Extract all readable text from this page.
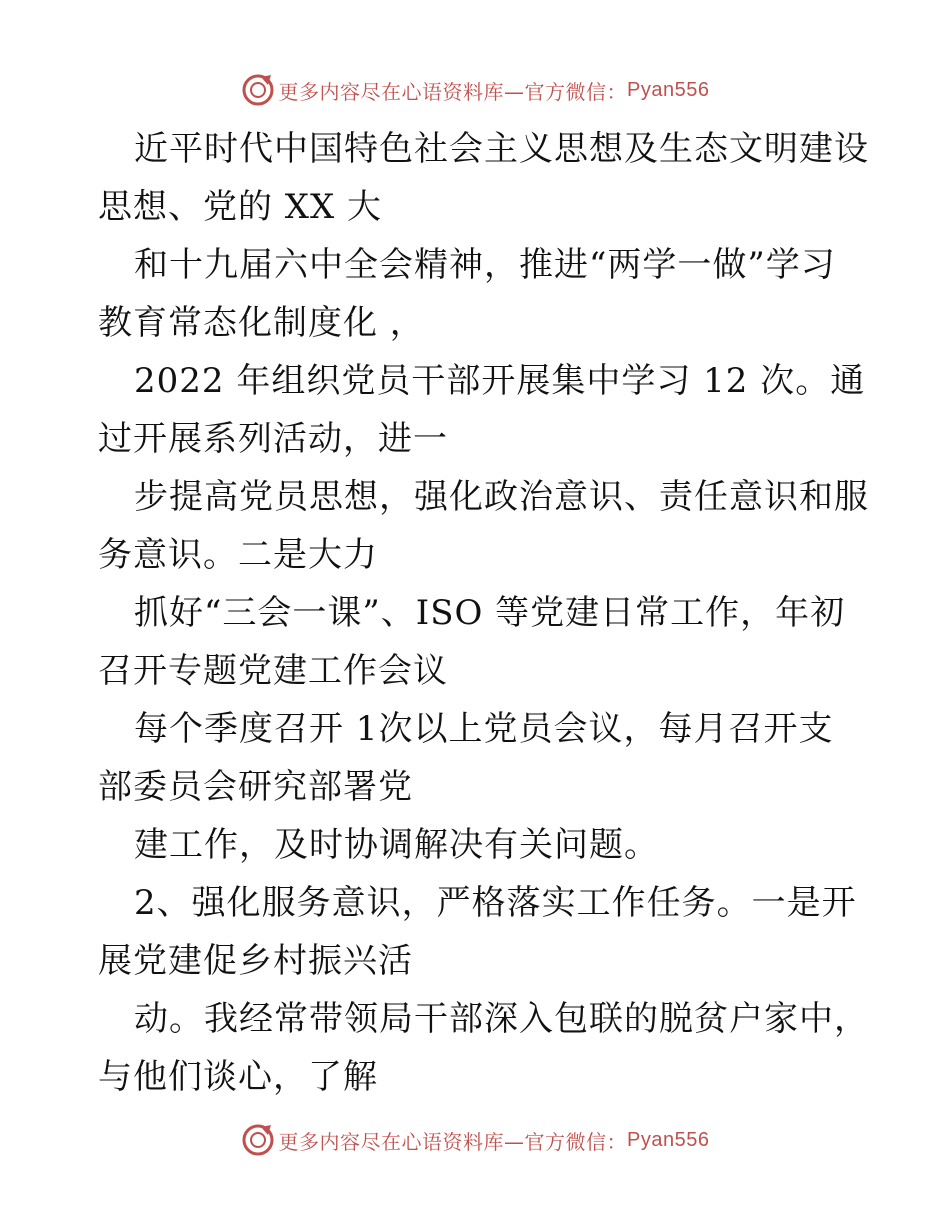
更多内容尽在心语资料库—官方微信： Pyan556
近平时代中国特色社会主义思想及生态文明建设
思想、党的 XX 大
和十九届六中全会精神，推进“两学一做”学习
教育常态化制度化 ，
2022 年组织党员干部开展集中学习 12 次。通
过开展系列活动，进一
步提高党员思想，强化政治意识、责任意识和服
务意识。二是大力
抓好“三会一课”、ISO 等党建日常工作，年初
召开专题党建工作会议
每个季度召开 1次以上党员会议，每月召开支
部委员会研究部署党
建工作，及时协调解决有关问题。
2、强化服务意识，严格落实工作任务。一是开
展党建促乡村振兴活
动。我经常带领局干部深入包联的脱贫户家中，
与他们谈心，了解
更多内容尽在心语资料库—官方微信： Pyan556
